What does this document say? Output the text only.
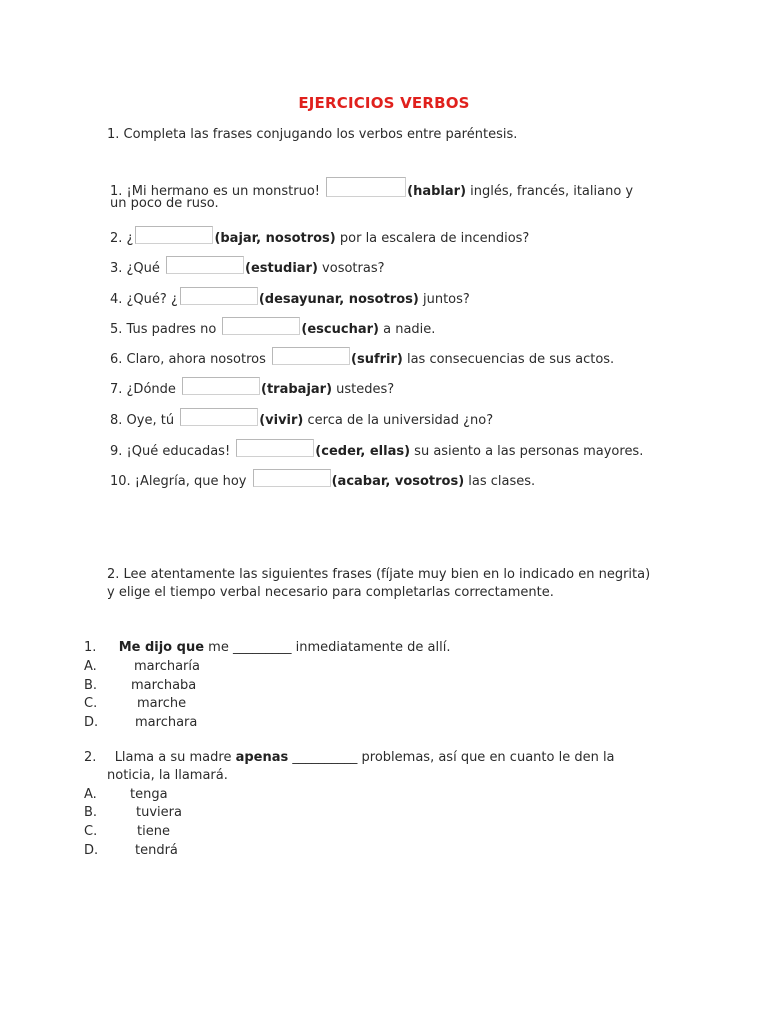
EJERCICIOS VERBOS
1. Completa las frases conjugando los verbos entre paréntesis.
1. ¡Mi hermano es un monstruo!	(hablar) inglés, francés, italiano y
un poco de ruso.
2. ¿	(bajar, nosotros) por la escalera de incendios?
3. ¿Qué	(estudiar) vosotras?
4. ¿Qué? ¿	(desayunar, nosotros) juntos?
5. Tus padres no	(escuchar) a nadie.
6. Claro, ahora nosotros	(sufrir) las consecuencias de sus actos.
7. ¿Dónde	(trabajar) ustedes?
8. Oye, tú	(vivir) cerca de la universidad ¿no?
9. ¡Qué educadas!	(ceder, ellas) su asiento a las personas mayores.
10. ¡Alegría, que hoy	(acabar, vosotros) las clases.
2. Lee atentamente las siguientes frases (fíjate muy bien en lo indicado en negrita)
y elige el tiempo verbal necesario para completarlas correctamente.
1. Me dijo que me _________ inmediatamente de allí.
A.	marcharía
B.	marchaba
C.	marche
D.	marchara
2. Llama a su madre apenas __________ problemas, así que en cuanto le den la
noticia, la llamará.
A.	tenga
B.	tuviera
C.	tiene
D.	tendrá
